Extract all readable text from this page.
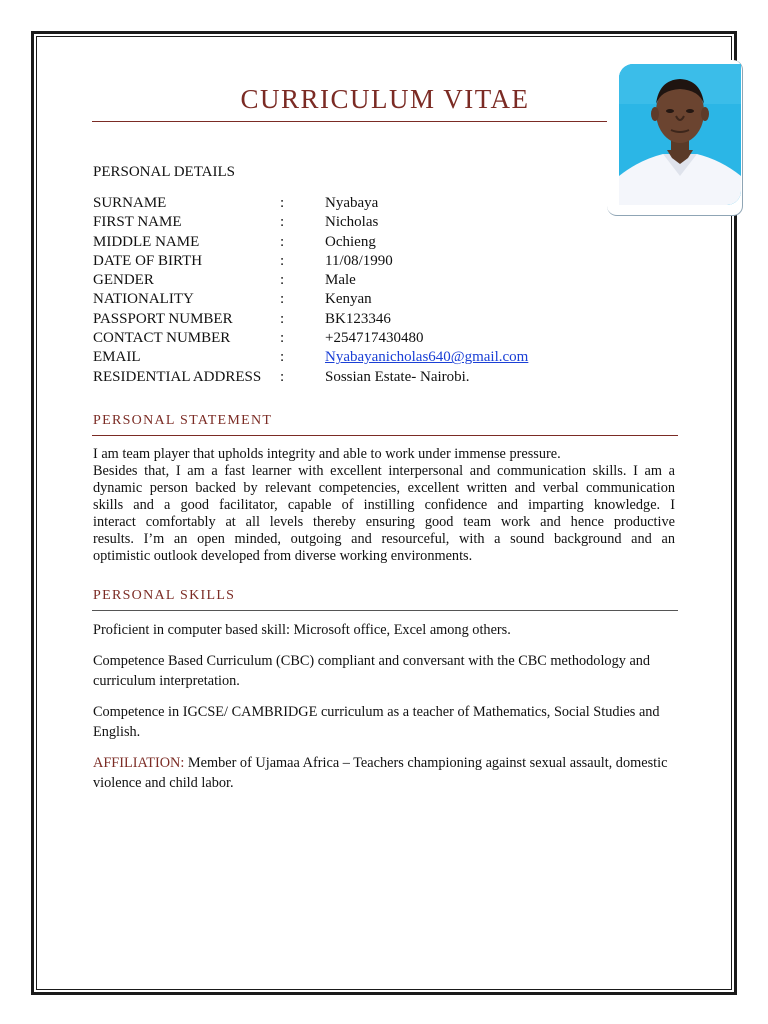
CURRICULUM VITAE
PERSONAL DETAILS
SURNAME	:	Nyabaya
FIRST NAME	:	Nicholas
MIDDLE NAME	:	Ochieng
DATE OF BIRTH	:	11/08/1990
GENDER	:	Male
NATIONALITY	:	Kenyan
PASSPORT NUMBER	:	BK123346
CONTACT NUMBER	:	+254717430480
EMAIL	:	Nyabayanicholas640@gmail.com
RESIDENTIAL ADDRESS	:	Sossian Estate- Nairobi.
PERSONAL STATEMENT

I am team player that upholds integrity and able to work under immense pressure.
Besides that, I am a fast learner with excellent interpersonal and communication skills. I am a
dynamic person backed by relevant competencies, excellent written and verbal communication
skills and a good facilitator, capable of instilling confidence and imparting knowledge. I
interact comfortably at all levels thereby ensuring good team work and hence productive
results. I’m an open minded, outgoing and resourceful, with a sound background and an
optimistic outlook developed from diverse working environments.

PERSONAL SKILLS

Proficient in computer based skill: Microsoft office, Excel among others.

Competence Based Curriculum (CBC) compliant and conversant with the CBC methodology and curriculum interpretation.

Competence in IGCSE/ CAMBRIDGE curriculum as a teacher of Mathematics, Social Studies and English.

AFFILIATION: Member of Ujamaa Africa – Teachers championing against sexual assault, domestic violence and child labor.
